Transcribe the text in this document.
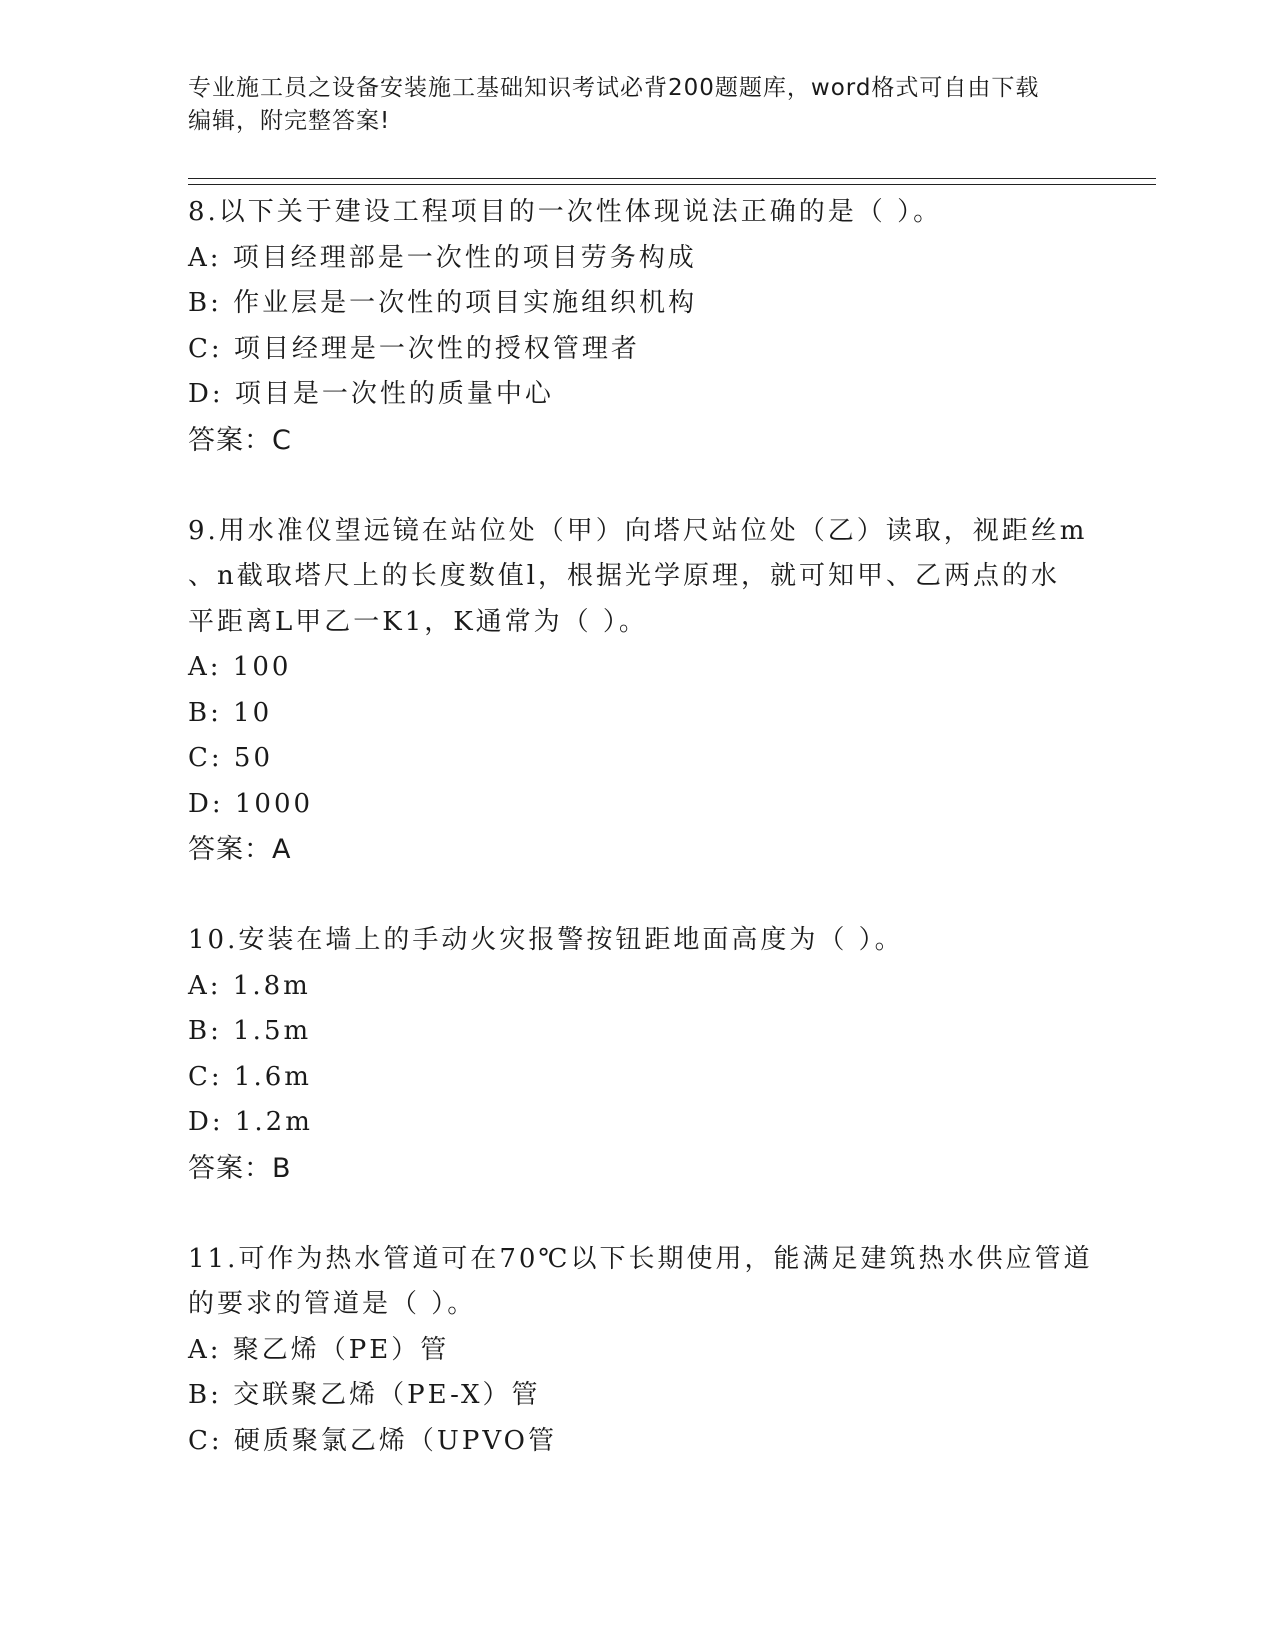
专业施工员之设备安装施工基础知识考试必背200题题库，word格式可自由下载
编辑，附完整答案!
8.以下关于建设工程项目的一次性体现说法正确的是（ ）。
A: 项目经理部是一次性的项目劳务构成
B: 作业层是一次性的项目实施组织机构
C: 项目经理是一次性的授权管理者
D: 项目是一次性的质量中心
答案：C
9.用水准仪望远镜在站位处（甲）向塔尺站位处（乙）读取，视距丝m
、n截取塔尺上的长度数值l，根据光学原理，就可知甲、乙两点的水
平距离L甲乙一K1，K通常为（ ）。
A: 100
B: 10
C: 50
D: 1000
答案：A
10.安装在墙上的手动火灾报警按钮距地面高度为（ ）。
A: 1.8m
B: 1.5m
C: 1.6m
D: 1.2m
答案：B
11.可作为热水管道可在70℃以下长期使用，能满足建筑热水供应管道
的要求的管道是（ ）。
A: 聚乙烯（PE）管
B: 交联聚乙烯（PE-X）管
C: 硬质聚氯乙烯（UPVO管
